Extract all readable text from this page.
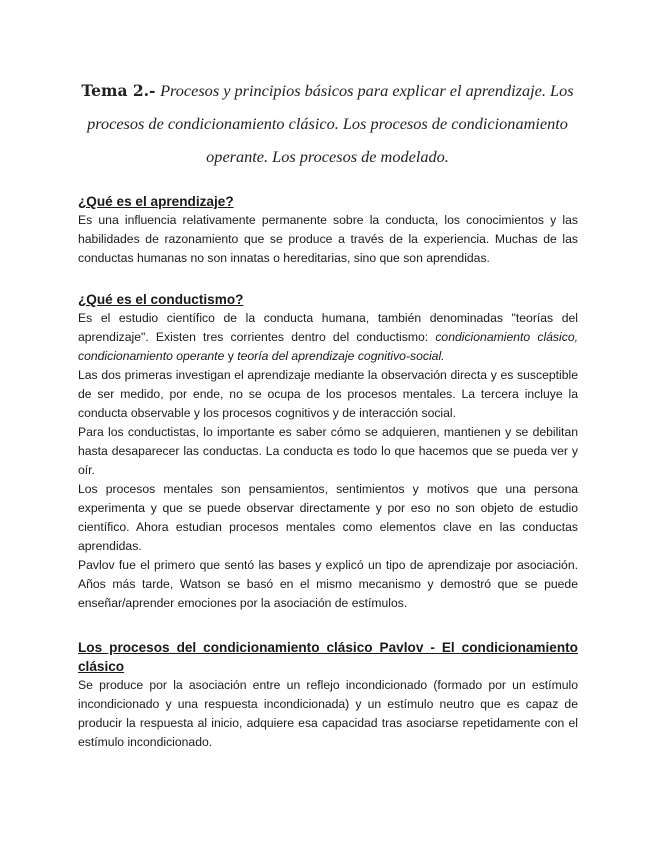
Tema 2.- Procesos y principios básicos para explicar el aprendizaje. Los
procesos de condicionamiento clásico. Los procesos de condicionamiento
operante. Los procesos de modelado.
¿Qué es el aprendizaje?

Es una influencia relativamente permanente sobre la conducta, los conocimientos y las habilidades de razonamiento que se produce a través de la experiencia. Muchas de las conductas humanas no son innatas o hereditarias, sino que son aprendidas.

¿Qué es el conductismo?

Es el estudio científico de la conducta humana, también denominadas "teorías del aprendizaje". Existen tres corrientes dentro del conductismo: condicionamiento clásico, condicionamiento operante y teoría del aprendizaje cognitivo-social.

Las dos primeras investigan el aprendizaje mediante la observación directa y es susceptible de ser medido, por ende, no se ocupa de los procesos mentales. La tercera incluye la conducta observable y los procesos cognitivos y de interacción social.

Para los conductistas, lo importante es saber cómo se adquieren, mantienen y se debilitan hasta desaparecer las conductas. La conducta es todo lo que hacemos que se pueda ver y oír.

Los procesos mentales son pensamientos, sentimientos y motivos que una persona experimenta y que se puede observar directamente y por eso no son objeto de estudio científico. Ahora estudian procesos mentales como elementos clave en las conductas aprendidas.

Pavlov fue el primero que sentó las bases y explicó un tipo de aprendizaje por asociación. Años más tarde, Watson se basó en el mismo mecanismo y demostró que se puede enseñar/aprender emociones por la asociación de estímulos.

Los procesos del condicionamiento clásico Pavlov - El condicionamiento clásico

Se produce por la asociación entre un reflejo incondicionado (formado por un estímulo incondicionado y una respuesta incondicionada) y un estímulo neutro que es capaz de producir la respuesta al inicio, adquiere esa capacidad tras asociarse repetidamente con el estímulo incondicionado.
